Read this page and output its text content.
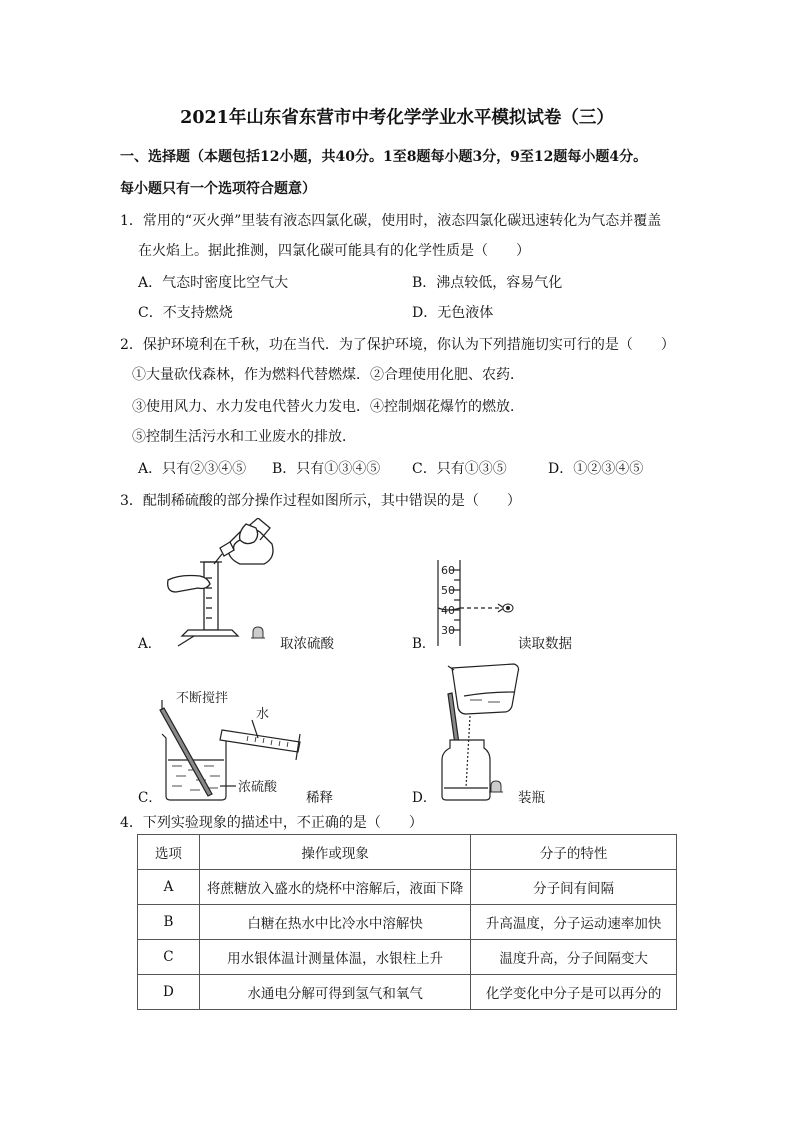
2021年山东省东营市中考化学学业水平模拟试卷（三）
一、选择题（本题包括12小题，共40分。1至8题每小题3分，9至12题每小题4分。
每小题只有一个选项符合题意）
1．常用的“灭火弹”里装有液态四氯化碳，使用时，液态四氯化碳迅速转化为气态并覆盖
在火焰上。据此推测，四氯化碳可能具有的化学性质是（　　）
A．气态时密度比空气大	B．沸点较低，容易气化
C．不支持燃烧	D．无色液体
2．保护环境利在千秋，功在当代．为了保护环境，你认为下列措施切实可行的是（　　）
①大量砍伐森林，作为燃料代替燃煤．②合理使用化肥、农药．
③使用风力、水力发电代替火力发电．④控制烟花爆竹的燃放．
⑤控制生活污水和工业废水的排放．
A．只有②③④⑤ B．只有①③④⑤ C．只有①③⑤	D．①②③④⑤
3．配制稀硫酸的部分操作过程如图所示，其中错误的是（　　）
A．	取浓硫酸	B．
60
50
40
30
读取数据
C．
不断搅拌
水
浓硫酸
稀释	D．	装瓶
4．下列实验现象的描述中，不正确的是（　　）
选项	操作或现象	分子的特性
A	将蔗糖放入盛水的烧杯中溶解后，液面下降	分子间有间隔
B	白糖在热水中比冷水中溶解快	升高温度，分子运动速率加快
C	用水银体温计测量体温，水银柱上升	温度升高，分子间隔变大
D	水通电分解可得到氢气和氧气	化学变化中分子是可以再分的
